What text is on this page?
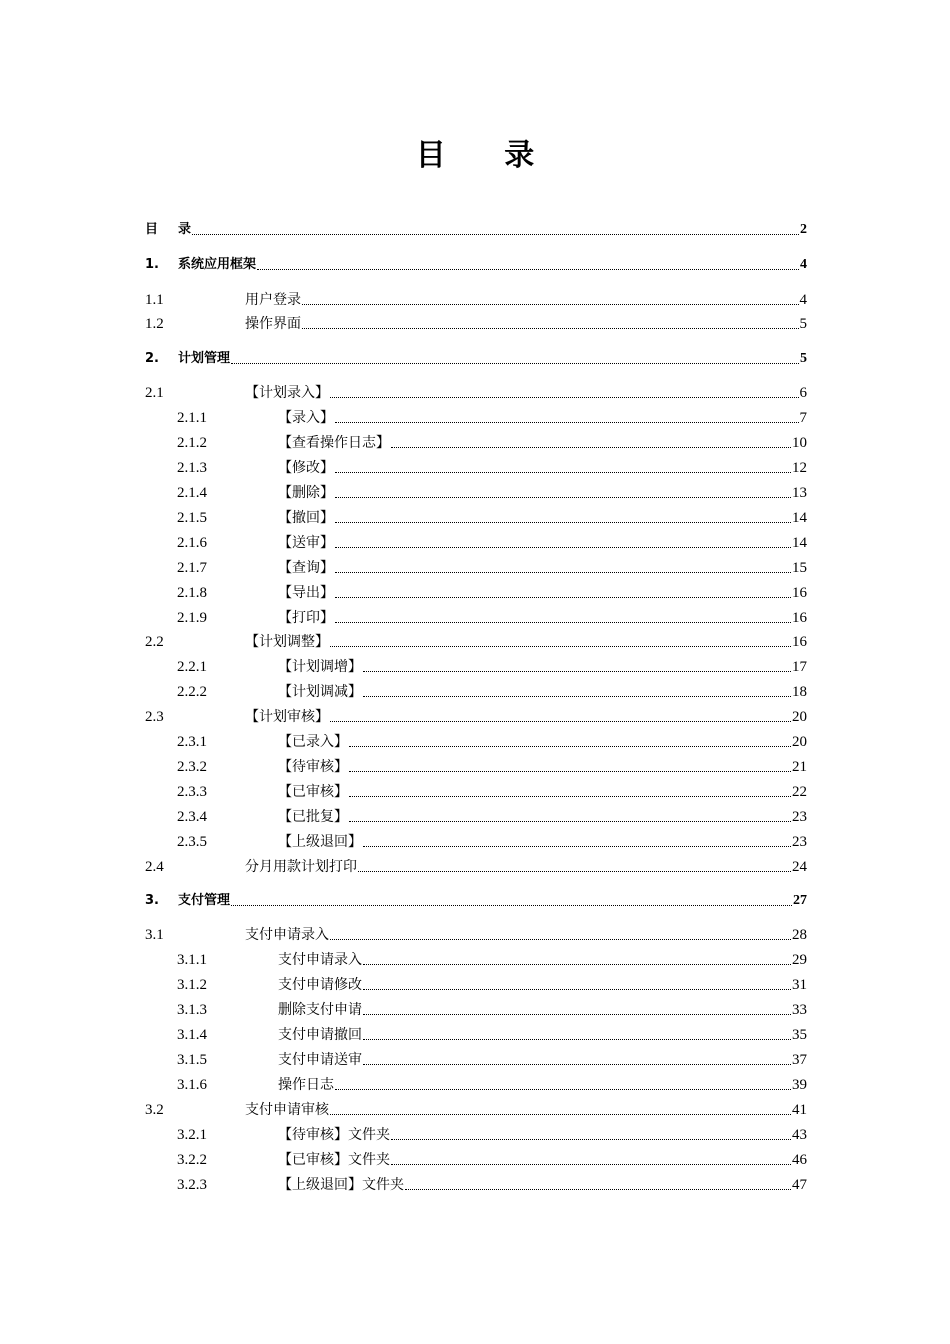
目 录
目	录	2
1.	系统应用框架	4
1.1	用户登录	4
1.2	操作界面	5
2.	计划管理	5
2.1	【计划录入】	6
2.1.1	【录入】	7
2.1.2	【查看操作日志】	10
2.1.3	【修改】	12
2.1.4	【删除】	13
2.1.5	【撤回】	14
2.1.6	【送审】	14
2.1.7	【查询】	15
2.1.8	【导出】	16
2.1.9	【打印】	16
2.2	【计划调整】	16
2.2.1	【计划调增】	17
2.2.2	【计划调减】	18
2.3	【计划审核】	20
2.3.1	【已录入】	20
2.3.2	【待审核】	21
2.3.3	【已审核】	22
2.3.4	【已批复】	23
2.3.5	【上级退回】	23
2.4	分月用款计划打印	24
3.	支付管理	27
3.1	支付申请录入	28
3.1.1	支付申请录入	29
3.1.2	支付申请修改	31
3.1.3	删除支付申请	33
3.1.4	支付申请撤回	35
3.1.5	支付申请送审	37
3.1.6	操作日志	39
3.2	支付申请审核	41
3.2.1	【待审核】文件夹	43
3.2.2	【已审核】文件夹	46
3.2.3	【上级退回】文件夹	47
